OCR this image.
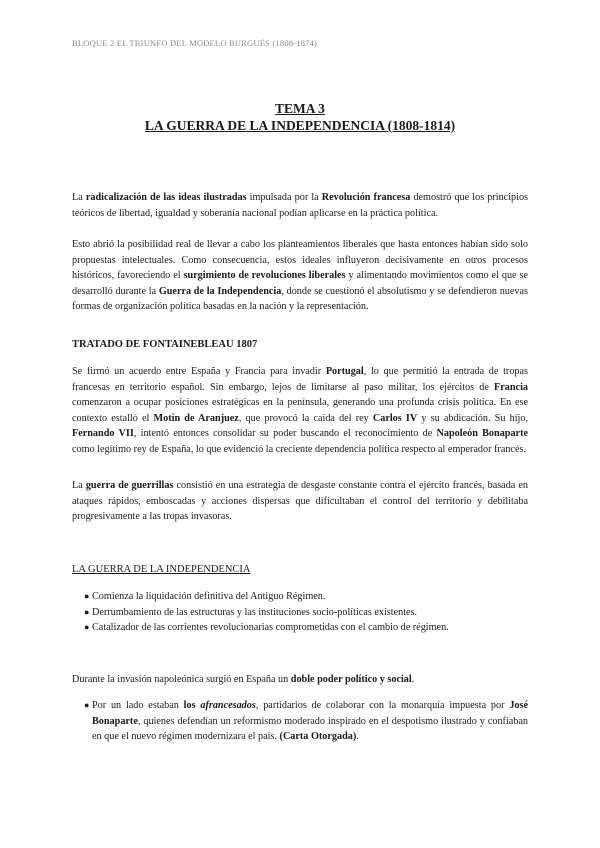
BLOQUE 2 EL TRIUNFO DEL MODELO BURGUÉS (1808-1874)
TEMA 3
LA GUERRA DE LA INDEPENDENCIA (1808-1814)

La radicalización de las ideas ilustradas impulsada por la Revolución francesa demostró que los principios teóricos de libertad, igualdad y soberanía nacional podían aplicarse en la práctica política.

Esto abrió la posibilidad real de llevar a cabo los planteamientos liberales que hasta entonces habían sido solo propuestas intelectuales. Como consecuencia, estos ideales influyeron decisivamente en otros procesos históricos, favoreciendo el surgimiento de revoluciones liberales y alimentando movimientos como el que se desarrolló durante la Guerra de la Independencia, donde se cuestionó el absolutismo y se defendieron nuevas formas de organización política basadas en la nación y la representación.

TRATADO DE FONTAINEBLEAU 1807

Se firmó un acuerdo entre España y Francia para invadir Portugal, lo que permitió la entrada de tropas francesas en territorio español. Sin embargo, lejos de limitarse al paso militar, los ejércitos de Francia comenzaron a ocupar posiciones estratégicas en la península, generando una profunda crisis política. En ese contexto estalló el Motín de Aranjuez, que provocó la caída del rey Carlos IV y su abdicación. Su hijo, Fernando VII, intentó entonces consolidar su poder buscando el reconocimiento de Napoleón Bonaparte como legítimo rey de España, lo que evidenció la creciente dependencia política respecto al emperador francés.

La guerra de guerrillas consistió en una estrategia de desgaste constante contra el ejército francés, basada en ataques rápidos, emboscadas y acciones dispersas que dificultaban el control del territorio y debilitaba progresivamente a las tropas invasoras.

LA GUERRA DE LA INDEPENDENCIA
● Comienza la liquidación definitiva del Antiguo Régimen.
● Derrumbamiento de las estructuras y las instituciones socio-políticas existentes.
● Catalizador de las corrientes revolucionarias comprometidas con el cambio de régimen.

Durante la invasión napoleónica surgió en España un doble poder político y social.

● Por un lado estaban los afrancesados, partidarios de colaborar con la monarquía impuesta por José Bonaparte, quienes defendían un reformismo moderado inspirado en el despotismo ilustrado y confiaban en que el nuevo régimen modernizara el país. (Carta Otorgada).
